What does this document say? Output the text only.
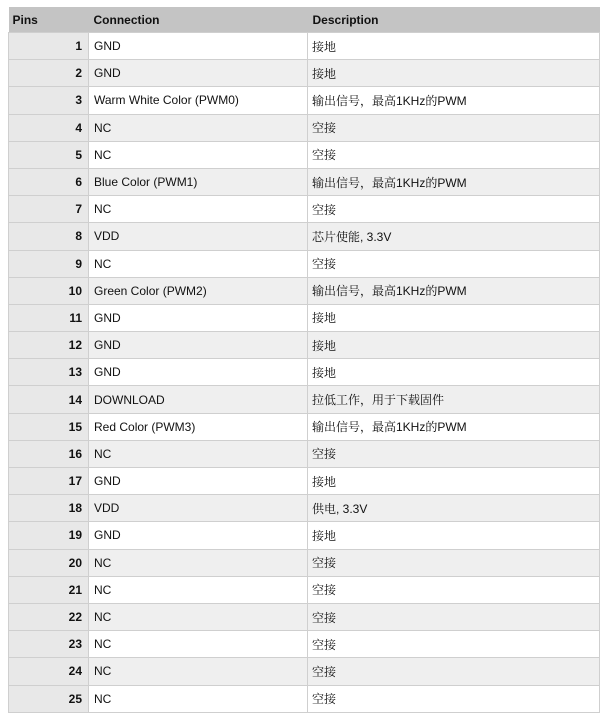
Pins	Connection	Description
1	GND	接地
2	GND	接地
3	Warm White Color (PWM0)	输出信号，最高1KHz的PWM
4	NC	空接
5	NC	空接
6	Blue Color (PWM1)	输出信号，最高1KHz的PWM
7	NC	空接
8	VDD	芯片使能, 3.3V
9	NC	空接
10	Green Color (PWM2)	输出信号，最高1KHz的PWM
11	GND	接地
12	GND	接地
13	GND	接地
14	DOWNLOAD	拉低工作，用于下载固件
15	Red Color (PWM3)	输出信号，最高1KHz的PWM
16	NC	空接
17	GND	接地
18	VDD	供电, 3.3V
19	GND	接地
20	NC	空接
21	NC	空接
22	NC	空接
23	NC	空接
24	NC	空接
25	NC	空接
